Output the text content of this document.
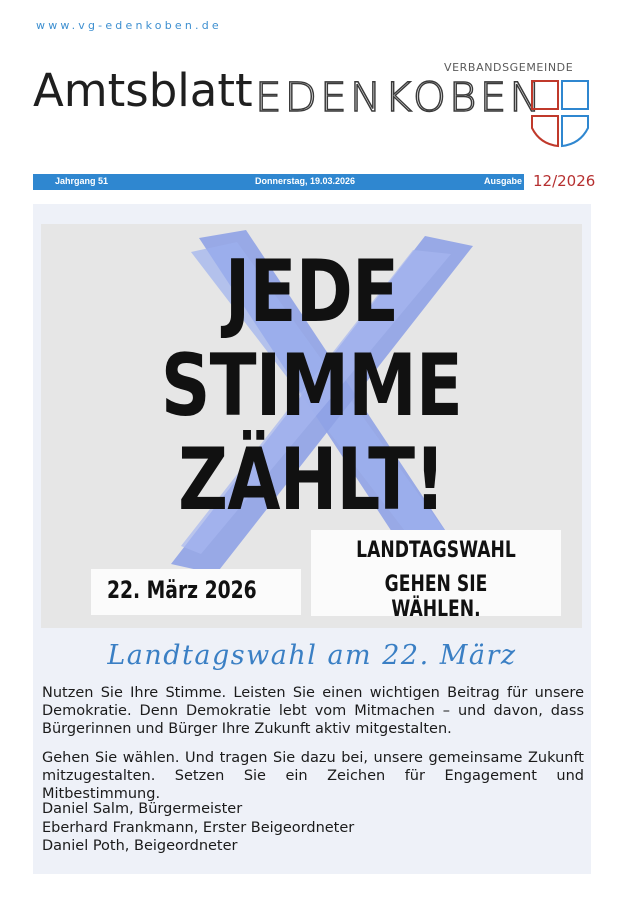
www.vg-edenkoben.de
Amtsblatt	VERBANDSGEMEINDE
EDENKOBEN
Jahrgang 51	Donnerstag, 19.03.2026	Ausgabe 12/2026
JEDE
STIMME
ZÄHLT!
22. März 2026
LANDTAGSWAHL
GEHEN SIE WÄHLEN.
Landtagswahl am 22. März
Nutzen Sie Ihre Stimme. Leisten Sie einen wichtigen Beitrag für unsere Demokratie. Denn Demokratie lebt vom Mitmachen – und davon, dass Bürgerinnen und Bürger Ihre Zukunft aktiv mitgestalten.
Gehen Sie wählen. Und tragen Sie dazu bei, unsere gemeinsame Zukunft mitzugestalten. Setzen Sie ein Zeichen für Engagement und Mitbestimmung.
Daniel Salm, Bürgermeister
Eberhard Frankmann, Erster Beigeordneter
Daniel Poth, Beigeordneter
